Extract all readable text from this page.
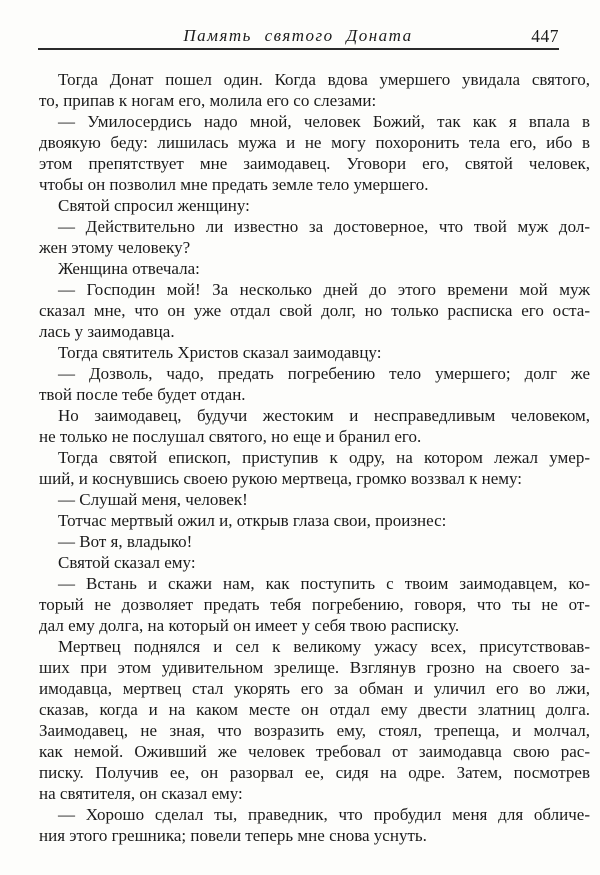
Память святого Доната	447
Тогда Донат пошел один. Когда вдова умершего увидала святого,
то, припав к ногам его, молила его со слезами:
— Умилосердись надо мной, человек Божий, так как я впала в
двоякую беду: лишилась мужа и не могу похоронить тела его, ибо в
этом препятствует мне заимодавец. Уговори его, святой человек,
чтобы он позволил мне предать земле тело умершего.
Святой спросил женщину:
— Действительно ли известно за достоверное, что твой муж дол-
жен этому человеку?
Женщина отвечала:
— Господин мой! За несколько дней до этого времени мой муж
сказал мне, что он уже отдал свой долг, но только расписка его оста-
лась у заимодавца.
Тогда святитель Христов сказал заимодавцу:
— Дозволь, чадо, предать погребению тело умершего; долг же
твой после тебе будет отдан.
Но заимодавец, будучи жестоким и несправедливым человеком,
не только не послушал святого, но еще и бранил его.
Тогда святой епископ, приступив к одру, на котором лежал умер-
ший, и коснувшись своею рукою мертвеца, громко воззвал к нему:
— Слушай меня, человек!
Тотчас мертвый ожил и, открыв глаза свои, произнес:
— Вот я, владыко!
Святой сказал ему:
— Встань и скажи нам, как поступить с твоим заимодавцем, ко-
торый не дозволяет предать тебя погребению, говоря, что ты не от-
дал ему долга, на который он имеет у себя твою расписку.
Мертвец поднялся и сел к великому ужасу всех, присутствовав-
ших при этом удивительном зрелище. Взглянув грозно на своего за-
имодавца, мертвец стал укорять его за обман и уличил его во лжи,
сказав, когда и на каком месте он отдал ему двести златниц долга.
Заимодавец, не зная, что возразить ему, стоял, трепеща, и молчал,
как немой. Оживший же человек требовал от заимодавца свою рас-
писку. Получив ее, он разорвал ее, сидя на одре. Затем, посмотрев
на святителя, он сказал ему:
— Хорошо сделал ты, праведник, что пробудил меня для обличе-
ния этого грешника; повели теперь мне снова уснуть.
